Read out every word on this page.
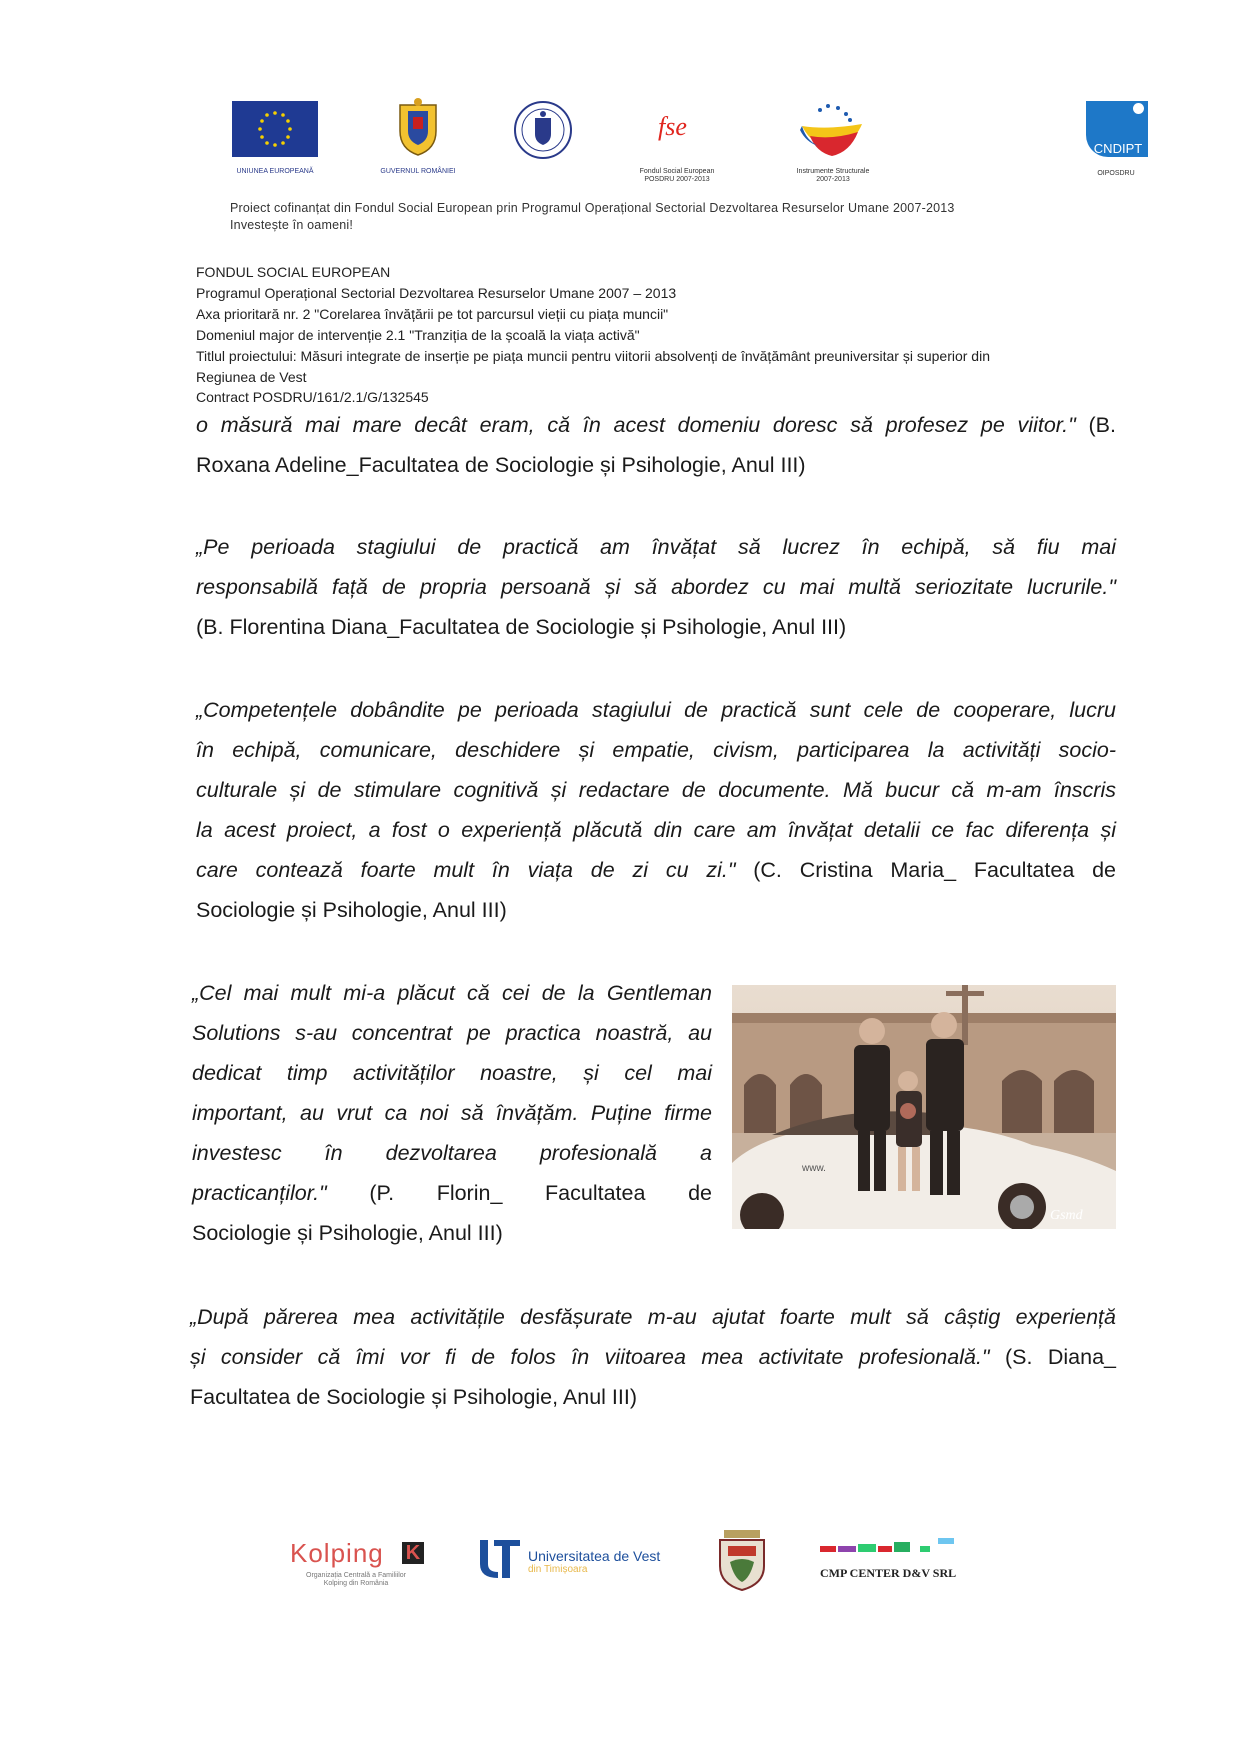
UNIUNEA EUROPEANĂ	GUVERNUL ROMÂNIEI
fse
Fondul Social European
POSDRU 2007-2013
Instrumente Structurale
2007-2013
CNDIPT
OIPOSDRU
Proiect cofinanțat din Fondul Social European prin Programul Operațional Sectorial Dezvoltarea Resurselor Umane 2007-2013
Investește în oameni!
FONDUL SOCIAL EUROPEAN
Programul Operațional Sectorial Dezvoltarea Resurselor Umane 2007 – 2013
Axa prioritară nr. 2 "Corelarea învățării pe tot parcursul vieții cu piața muncii"
Domeniul major de intervenție 2.1 "Tranziția de la școală la viața activă"
Titlul proiectului: Măsuri integrate de inserție pe piața muncii pentru viitorii absolvenți de învățământ preuniversitar și superior din
Regiunea de Vest
Contract POSDRU/161/2.1/G/132545
o măsură mai mare decât eram, că în acest domeniu doresc să profesez pe viitor." (B.
Roxana Adeline_Facultatea de Sociologie și Psihologie, Anul III)
„Pe perioada stagiului de practică am învățat să lucrez în echipă, să fiu mai
responsabilă față de propria persoană și să abordez cu mai multă seriozitate lucrurile."
(B. Florentina Diana_Facultatea de Sociologie și Psihologie, Anul III)
„Competențele dobândite pe perioada stagiului de practică sunt cele de cooperare, lucru
în echipă, comunicare, deschidere și empatie, civism, participarea la activități socio-
culturale și de stimulare cognitivă și redactare de documente. Mă bucur că m-am înscris
la acest proiect, a fost o experiență plăcută din care am învățat detalii ce fac diferența și
care contează foarte mult în viața de zi cu zi." (C. Cristina Maria_ Facultatea de
Sociologie și Psihologie, Anul III)
„Cel mai mult mi-a plăcut că cei de la Gentleman
Solutions s-au concentrat pe practica noastră, au
dedicat timp activităților noastre, și cel mai
important, au vrut ca noi să învățăm. Puține firme
investesc în dezvoltarea profesională a
practicanților." (P. Florin_ Facultatea de
Sociologie și Psihologie, Anul III)
www.
Gsmd
„După părerea mea activitățile desfășurate m-au ajutat foarte mult să câștig experiență
și consider că îmi vor fi de folos în viitoarea mea activitate profesională." (S. Diana_
Facultatea de Sociologie și Psihologie, Anul III)
Kolping K
Organizația Centrală a Familiilor
Kolping din România
Universitatea de Vest
din Timișoara	CMP CENTER D&V SRL
